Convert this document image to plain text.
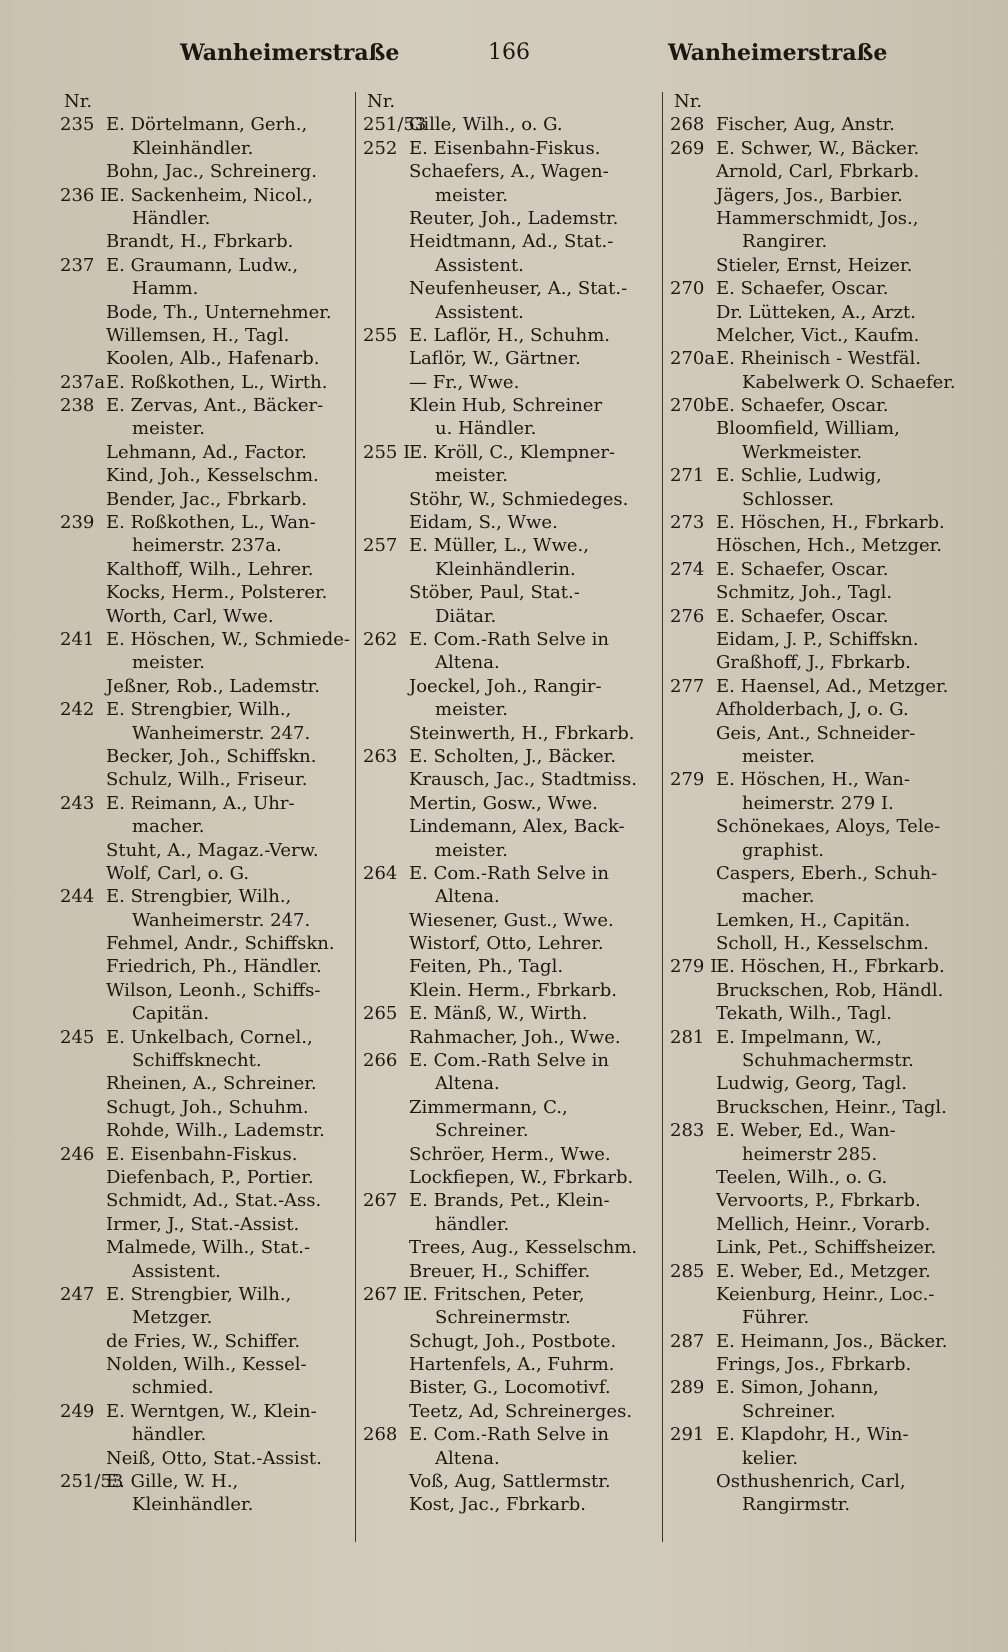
Wanheimerstraße	166	Wanheimerstraße
Nr.
235 E. Dörtelmann, Gerh.,
Kleinhändler.
Bohn, Jac., Schreinerg.
236 IE. Sackenheim, Nicol.,
Händler.
Brandt, H., Fbrkarb.
237 E. Graumann, Ludw.,
Hamm.
Bode, Th., Unternehmer.
Willemsen, H., Tagl.
Koolen, Alb., Hafenarb.
237aE. Roßkothen, L., Wirth.
238 E. Zervas, Ant., Bäcker-
meister.
Lehmann, Ad., Factor.
Kind, Joh., Kesselschm.
Bender, Jac., Fbrkarb.
239 E. Roßkothen, L., Wan-
heimerstr. 237a.
Kalthoff, Wilh., Lehrer.
Kocks, Herm., Polsterer.
Worth, Carl, Wwe.
241 E. Höschen, W., Schmiede-
meister.
Jeßner, Rob., Lademstr.
242 E. Strengbier, Wilh.,
Wanheimerstr. 247.
Becker, Joh., Schiffskn.
Schulz, Wilh., Friseur.
243 E. Reimann, A., Uhr-
macher.
Stuht, A., Magaz.-Verw.
Wolf, Carl, o. G.
244 E. Strengbier, Wilh.,
Wanheimerstr. 247.
Fehmel, Andr., Schiffskn.
Friedrich, Ph., Händler.
Wilson, Leonh., Schiffs-
Capitän.
245 E. Unkelbach, Cornel.,
Schiffsknecht.
Rheinen, A., Schreiner.
Schugt, Joh., Schuhm.
Rohde, Wilh., Lademstr.
246 E. Eisenbahn-Fiskus.
Diefenbach, P., Portier.
Schmidt, Ad., Stat.-Ass.
Irmer, J., Stat.-Assist.
Malmede, Wilh., Stat.-
Assistent.
247 E. Strengbier, Wilh.,
Metzger.
de Fries, W., Schiffer.
Nolden, Wilh., Kessel-
schmied.
249 E. Werntgen, W., Klein-
händler.
Neiß, Otto, Stat.-Assist.
251/53E. Gille, W. H.,
Kleinhändler.
Nr.
251/53Gille, Wilh., o. G.
252 E. Eisenbahn-Fiskus.
Schaefers, A., Wagen-
meister.
Reuter, Joh., Lademstr.
Heidtmann, Ad., Stat.-
Assistent.
Neufenheuser, A., Stat.-
Assistent.
255 E. Laflör, H., Schuhm.
Laflör, W., Gärtner.
— Fr., Wwe.
Klein Hub, Schreiner
u. Händler.
255 IE. Kröll, C., Klempner-
meister.
Stöhr, W., Schmiedeges.
Eidam, S., Wwe.
257 E. Müller, L., Wwe.,
Kleinhändlerin.
Stöber, Paul, Stat.-
Diätar.
262 E. Com.-Rath Selve in
Altena.
Joeckel, Joh., Rangir-
meister.
Steinwerth, H., Fbrkarb.
263 E. Scholten, J., Bäcker.
Krausch, Jac., Stadtmiss.
Mertin, Gosw., Wwe.
Lindemann, Alex, Back-
meister.
264 E. Com.-Rath Selve in
Altena.
Wiesener, Gust., Wwe.
Wistorf, Otto, Lehrer.
Feiten, Ph., Tagl.
Klein. Herm., Fbrkarb.
265 E. Mänß, W., Wirth.
Rahmacher, Joh., Wwe.
266 E. Com.-Rath Selve in
Altena.
Zimmermann, C.,
Schreiner.
Schröer, Herm., Wwe.
Lockfiepen, W., Fbrkarb.
267 E. Brands, Pet., Klein-
händler.
Trees, Aug., Kesselschm.
Breuer, H., Schiffer.
267 IE. Fritschen, Peter,
Schreinermstr.
Schugt, Joh., Postbote.
Hartenfels, A., Fuhrm.
Bister, G., Locomotivf.
Teetz, Ad, Schreinerges.
268 E. Com.-Rath Selve in
Altena.
Voß, Aug, Sattlermstr.
Kost, Jac., Fbrkarb.
Nr.
268 Fischer, Aug, Anstr.
269 E. Schwer, W., Bäcker.
Arnold, Carl, Fbrkarb.
Jägers, Jos., Barbier.
Hammerschmidt, Jos.,
Rangirer.
Stieler, Ernst, Heizer.
270 E. Schaefer, Oscar.
Dr. Lütteken, A., Arzt.
Melcher, Vict., Kaufm.
270aE. Rheinisch - Westfäl.
Kabelwerk O. Schaefer.
270bE. Schaefer, Oscar.
Bloomfield, William,
Werkmeister.
271 E. Schlie, Ludwig,
Schlosser.
273 E. Höschen, H., Fbrkarb.
Höschen, Hch., Metzger.
274 E. Schaefer, Oscar.
Schmitz, Joh., Tagl.
276 E. Schaefer, Oscar.
Eidam, J. P., Schiffskn.
Graßhoff, J., Fbrkarb.
277 E. Haensel, Ad., Metzger.
Afholderbach, J, o. G.
Geis, Ant., Schneider-
meister.
279 E. Höschen, H., Wan-
heimerstr. 279 I.
Schönekaes, Aloys, Tele-
graphist.
Caspers, Eberh., Schuh-
macher.
Lemken, H., Capitän.
Scholl, H., Kesselschm.
279 IE. Höschen, H., Fbrkarb.
Bruckschen, Rob, Händl.
Tekath, Wilh., Tagl.
281 E. Impelmann, W.,
Schuhmachermstr.
Ludwig, Georg, Tagl.
Bruckschen, Heinr., Tagl.
283 E. Weber, Ed., Wan-
heimerstr 285.
Teelen, Wilh., o. G.
Vervoorts, P., Fbrkarb.
Mellich, Heinr., Vorarb.
Link, Pet., Schiffsheizer.
285 E. Weber, Ed., Metzger.
Keienburg, Heinr., Loc.-
Führer.
287 E. Heimann, Jos., Bäcker.
Frings, Jos., Fbrkarb.
289 E. Simon, Johann,
Schreiner.
291 E. Klapdohr, H., Win-
kelier.
Osthushenrich, Carl,
Rangirmstr.
